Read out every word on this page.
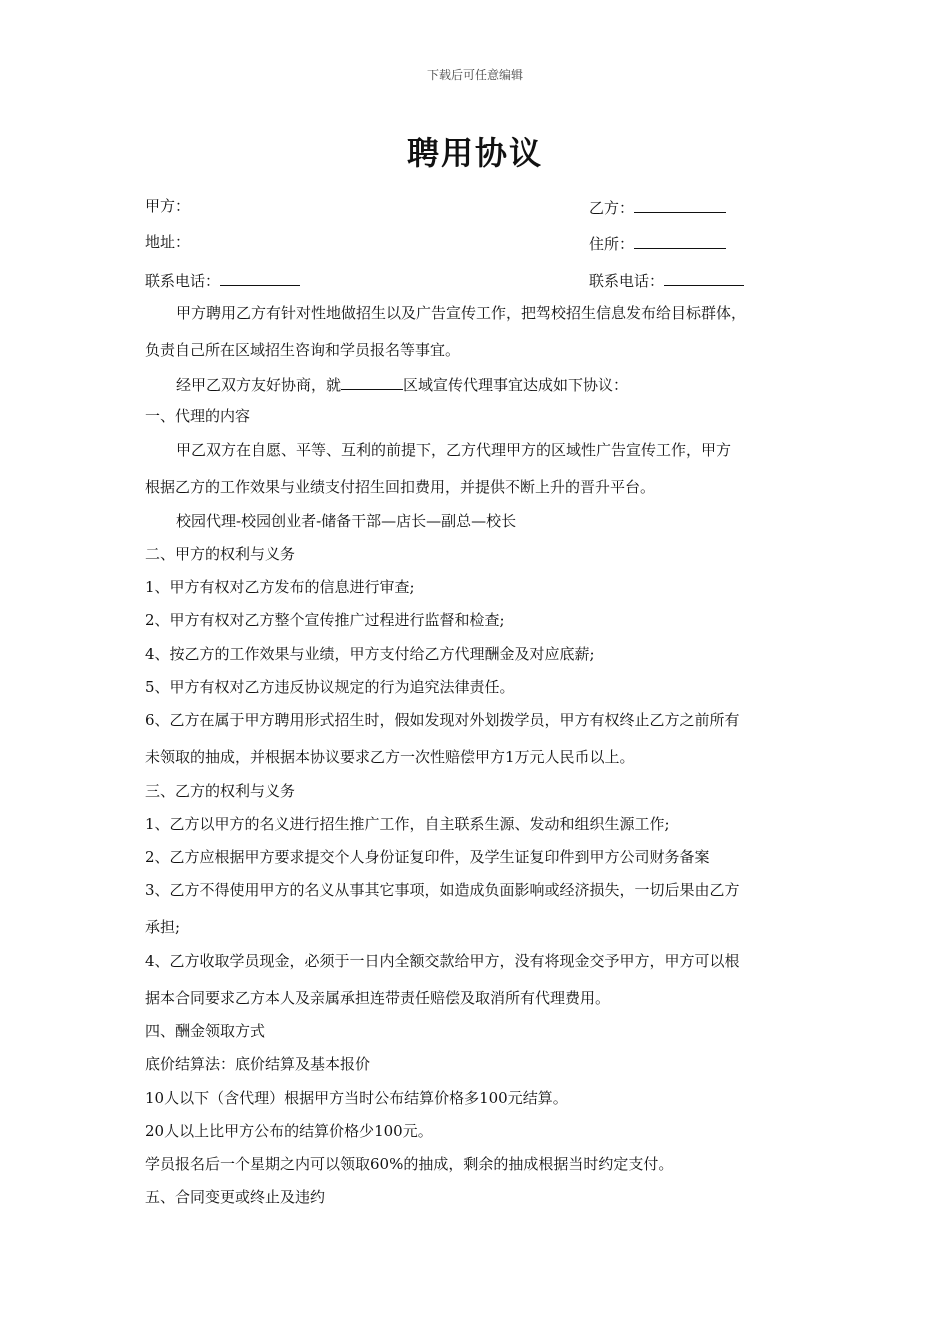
下载后可任意编辑
聘用协议
甲方：	乙方：
地址：	住所：
联系电话：	联系电话：
甲方聘用乙方有针对性地做招生以及广告宣传工作，把驾校招生信息发布给目标群体，
负责自己所在区域招生咨询和学员报名等事宜。
经甲乙双方友好协商，就	区域宣传代理事宜达成如下协议：
一、代理的内容
甲乙双方在自愿、平等、互利的前提下，乙方代理甲方的区域性广告宣传工作，甲方
根据乙方的工作效果与业绩支付招生回扣费用，并提供不断上升的晋升平台。
校园代理-校园创业者-储备干部—店长—副总—校长
二、甲方的权利与义务
1、甲方有权对乙方发布的信息进行审查;
2、甲方有权对乙方整个宣传推广过程进行监督和检查;
4、按乙方的工作效果与业绩，甲方支付给乙方代理酬金及对应底薪;
5、甲方有权对乙方违反协议规定的行为追究法律责任。
6、乙方在属于甲方聘用形式招生时，假如发现对外划拨学员，甲方有权终止乙方之前所有
未领取的抽成，并根据本协议要求乙方一次性赔偿甲方1万元人民币以上。
三、乙方的权利与义务
1、乙方以甲方的名义进行招生推广工作，自主联系生源、发动和组织生源工作;
2、乙方应根据甲方要求提交个人身份证复印件，及学生证复印件到甲方公司财务备案
3、乙方不得使用甲方的名义从事其它事项，如造成负面影响或经济损失，一切后果由乙方
承担;
4、乙方收取学员现金，必须于一日内全额交款给甲方，没有将现金交予甲方，甲方可以根
据本合同要求乙方本人及亲属承担连带责任赔偿及取消所有代理费用。
四、酬金领取方式
底价结算法：底价结算及基本报价
10人以下（含代理）根据甲方当时公布结算价格多100元结算。
20人以上比甲方公布的结算价格少100元。
学员报名后一个星期之内可以领取60%的抽成，剩余的抽成根据当时约定支付。
五、合同变更或终止及违约
